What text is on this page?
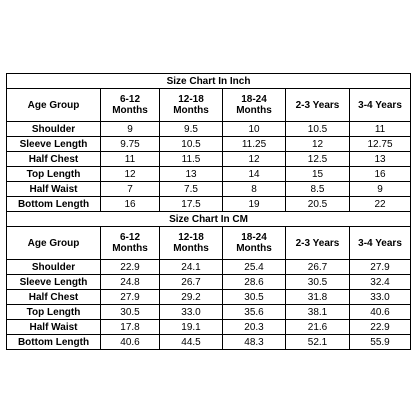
Size Chart In Inch					
Age Group	6-12 Months	12-18 Months	18-24 Months	2-3 Years	3-4 Years
Shoulder	9	9.5	10	10.5	11
Sleeve Length	9.75	10.5	11.25	12	12.75
Half Chest	11	11.5	12	12.5	13
Top Length	12	13	14	15	16
Half Waist	7	7.5	8	8.5	9
Bottom Length	16	17.5	19	20.5	22
Size Chart In CM					
Age Group	6-12 Months	12-18 Months	18-24 Months	2-3 Years	3-4 Years
Shoulder	22.9	24.1	25.4	26.7	27.9
Sleeve Length	24.8	26.7	28.6	30.5	32.4
Half Chest	27.9	29.2	30.5	31.8	33.0
Top Length	30.5	33.0	35.6	38.1	40.6
Half Waist	17.8	19.1	20.3	21.6	22.9
Bottom Length	40.6	44.5	48.3	52.1	55.9
